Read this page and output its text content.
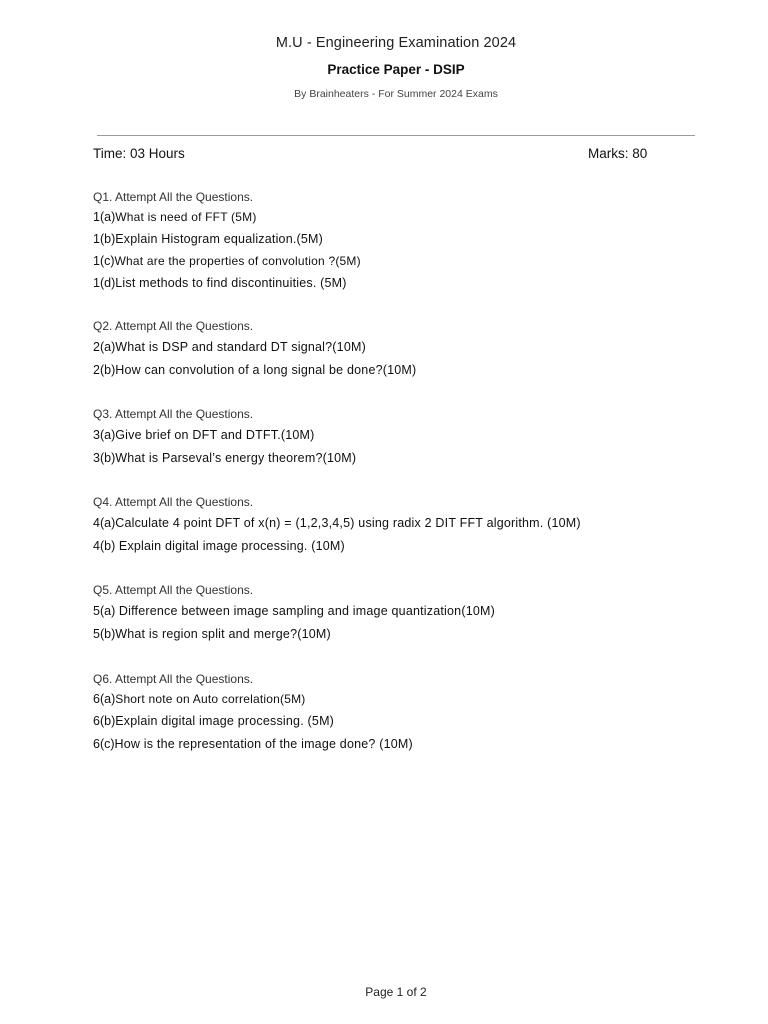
M.U - Engineering Examination 2024
Practice Paper - DSIP
By Brainheaters - For Summer 2024 Exams
Time: 03 Hours	Marks: 80
Q1. Attempt All the Questions.
1(a)What is need of FFT (5M)
1(b)Explain Histogram equalization.(5M)
1(c)What are the properties of convolution ?(5M)
1(d)List methods to find discontinuities. (5M)
Q2. Attempt All the Questions.
2(a)What is DSP and standard DT signal?(10M)
2(b)How can convolution of a long signal be done?(10M)
Q3. Attempt All the Questions.
3(a)Give brief on DFT and DTFT.(10M)
3(b)What is Parseval’s energy theorem?(10M)
Q4. Attempt All the Questions.
4(a)Calculate 4 point DFT of x(n) = (1,2,3,4,5) using radix 2 DIT FFT algorithm. (10M)
4(b) Explain digital image processing. (10M)
Q5. Attempt All the Questions.
5(a) Difference between image sampling and image quantization(10M)
5(b)What is region split and merge?(10M)
Q6. Attempt All the Questions.
6(a)Short note on Auto correlation(5M)
6(b)Explain digital image processing. (5M)
6(c)How is the representation of the image done? (10M)
Page 1 of 2
